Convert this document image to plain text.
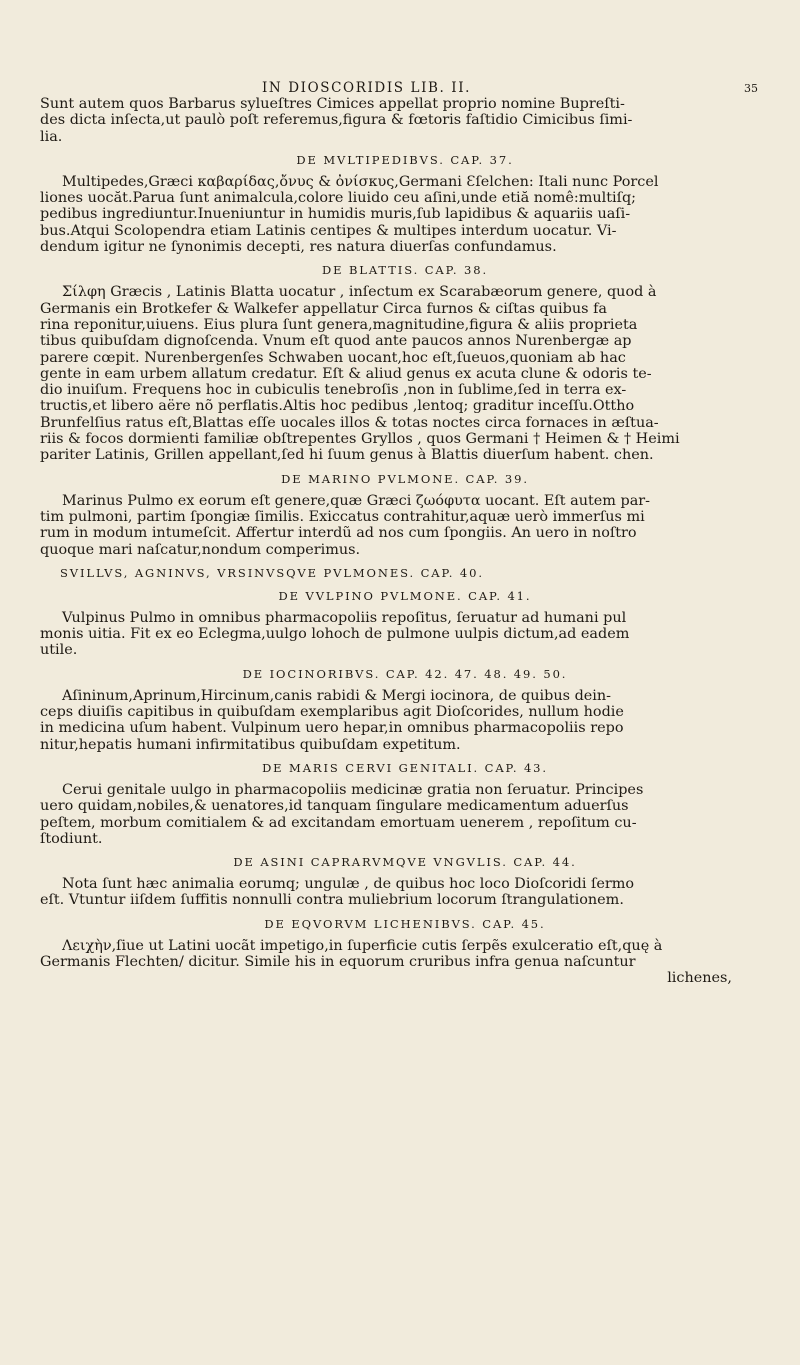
IN DIOSCORIDIS LIB. II.	35
Sunt autem quos Barbarus sylueſtres Cimices appellat proprio nomine Bupreſti-
des dicta inſecta,ut paulò poſt referemus,figura & fœtoris faſtidio Cimicibus ſimi-
lia.
DE MVLTIPEDIBVS. CAP. 37.
Multipedes,Græci καβαρίδας,ὄνυς & ὀνίσκυς,Germani Ɛſelchen: Itali nunc Porcel
liones uocăt.Parua ſunt animalcula,colore liuido ceu aſini,unde etiă nomê:multiſq;
pedibus ingrediuntur.Inueniuntur in humidis muris,ſub lapidibus & aquariis uaſi-
bus.Atqui Scolopendra etiam Latinis centipes & multipes interdum uocatur. Vi-
dendum igitur ne ſynonimis decepti, res natura diuerſas confundamus.
DE BLATTIS. CAP. 38.
Σίλφη Græcis , Latinis Blatta uocatur , inſectum ex Scarabæorum genere, quod à
Germanis ein Brotkefer & Walkefer appellatur Circa furnos & ciſtas quibus fa
rina reponitur,uiuens. Eius plura ſunt genera,magnitudine,figura & aliis proprieta
tibus quibuſdam dignoſcenda. Vnum eſt quod ante paucos annos Nurenbergæ ap
parere cœpit. Nurenbergenſes Schwaben uocant,hoc eſt,ſueuos,quoniam ab hac
gente in eam urbem allatum credatur. Eſt & aliud genus ex acuta clune & odoris te-
dio inuiſum. Frequens hoc in cubiculis tenebroſis ,non in ſublime,ſed in terra ex-
tructis,et libero aëre nõ perflatis.Altis hoc pedibus ,lentoq; graditur inceſſu.Ottho
Brunfelſius ratus eſt,Blattas eſſe uocales illos & totas noctes circa fornaces in æſtua-
riis & focos dormienti familiæ obſtrepentes Gryllos , quos Germani † Heimen & † Heimi
pariter Latinis, Grillen appellant,ſed hi ſuum genus à Blattis diuerſum habent. chen.
DE MARINO PVLMONE. CAP. 39.
Marinus Pulmo ex eorum eſt genere,quæ Græci ζωόφυτα uocant. Eſt autem par-
tim pulmoni, partim ſpongiæ ſimilis. Exiccatus contrahitur,aquæ uerò immerſus mi
rum in modum intumeſcit. Affertur interdũ ad nos cum ſpongiis. An uero in noſtro
quoque mari naſcatur,nondum comperimus.
SVILLVS, AGNINVS, VRSINVSQVE PVLMONES. CAP. 40.
DE VVLPINO PVLMONE. CAP. 41.
Vulpinus Pulmo in omnibus pharmacopoliis repoſitus, ſeruatur ad humani pul
monis uitia. Fit ex eo Eclegma,uulgo lohoch de pulmone uulpis dictum,ad eadem
utile.
DE IOCINORIBVS. CAP. 42. 47. 48. 49. 50.
Aſininum,Aprinum,Hircinum,canis rabidi & Mergi iocinora, de quibus dein-
ceps diuiſis capitibus in quibuſdam exemplaribus agit Dioſcorides, nullum hodie
in medicina uſum habent. Vulpinum uero hepar,in omnibus pharmacopoliis repo
nitur,hepatis humani infirmitatibus quibuſdam expetitum.
DE MARIS CERVI GENITALI. CAP. 43.
Cerui genitale uulgo in pharmacopoliis medicinæ gratia non ſeruatur. Principes
uero quidam,nobiles,& uenatores,id tanquam ſingulare medicamentum aduerſus
peſtem, morbum comitialem & ad excitandam emortuam uenerem , repoſitum cu-
ſtodiunt.
DE ASINI CAPRARVMQVE VNGVLIS. CAP. 44.
Nota ſunt hæc animalia eorumq; ungulæ , de quibus hoc loco Dioſcoridi ſermo
eſt. Vtuntur iiſdem ſuffitis nonnulli contra muliebrium locorum ſtrangulationem.
DE EQVORVM LICHENIBVS. CAP. 45.
Λειχὴν,ſiue ut Latini uocãt impetigo,in ſuperficie cutis ſerpẽs exulceratio eſt,quę à
Germanis Flechten/ dicitur. Simile his in equorum cruribus infra genua naſcuntur
lichenes,
